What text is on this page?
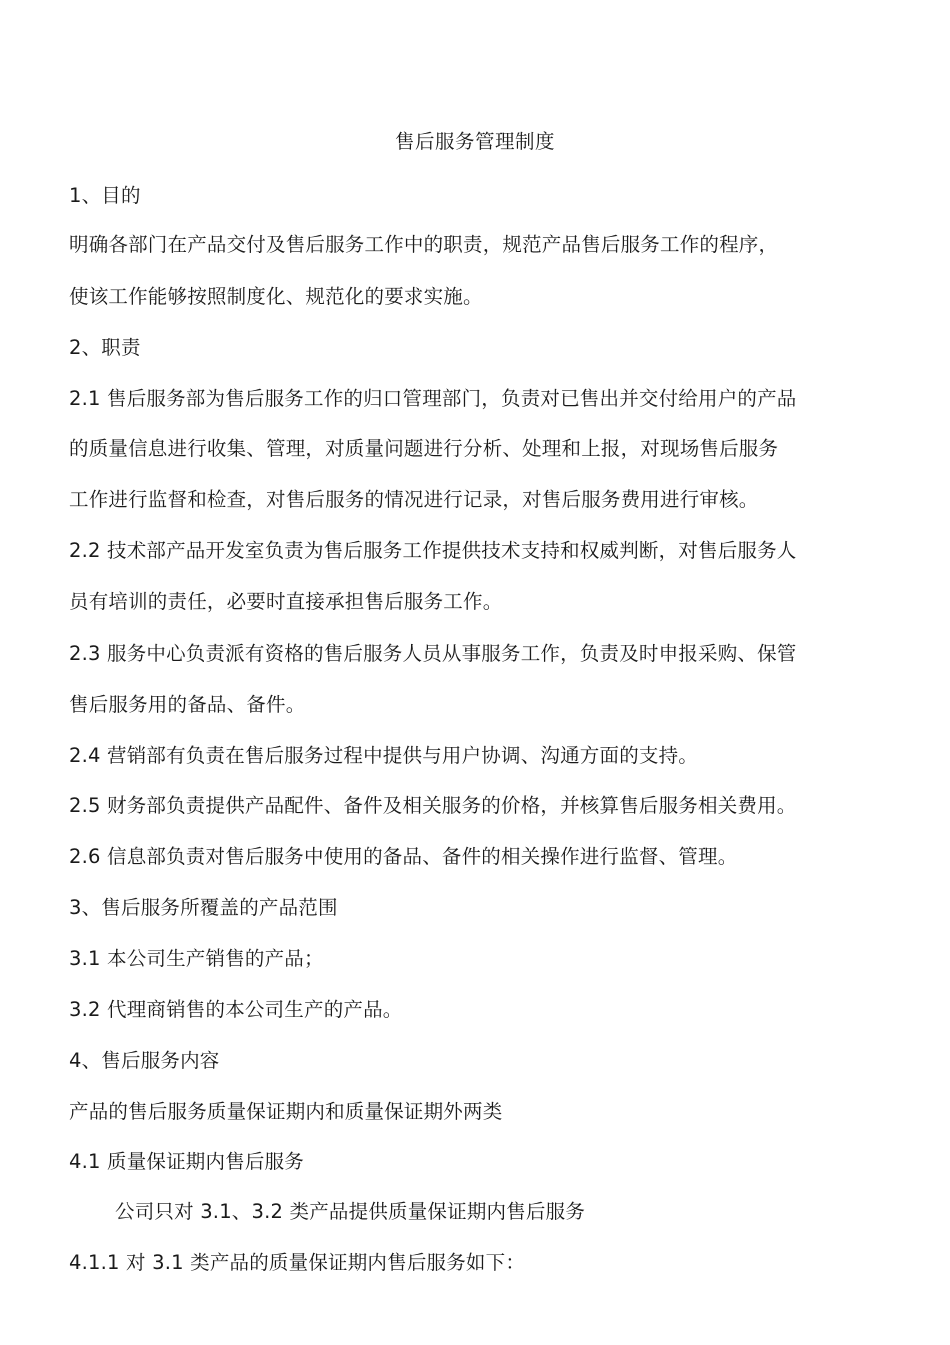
售后服务管理制度
1、目的
明确各部门在产品交付及售后服务工作中的职责，规范产品售后服务工作的程序，
使该工作能够按照制度化、规范化的要求实施。
2、职责
2.1 售后服务部为售后服务工作的归口管理部门，负责对已售出并交付给用户的产品
的质量信息进行收集、管理，对质量问题进行分析、处理和上报，对现场售后服务
工作进行监督和检查，对售后服务的情况进行记录，对售后服务费用进行审核。
2.2 技术部产品开发室负责为售后服务工作提供技术支持和权威判断，对售后服务人
员有培训的责任，必要时直接承担售后服务工作。
2.3 服务中心负责派有资格的售后服务人员从事服务工作，负责及时申报采购、保管
售后服务用的备品、备件。
2.4 营销部有负责在售后服务过程中提供与用户协调、沟通方面的支持。
2.5 财务部负责提供产品配件、备件及相关服务的价格，并核算售后服务相关费用。
2.6 信息部负责对售后服务中使用的备品、备件的相关操作进行监督、管理。
3、售后服务所覆盖的产品范围
3.1 本公司生产销售的产品；
3.2 代理商销售的本公司生产的产品。
4、售后服务内容
产品的售后服务质量保证期内和质量保证期外两类
4.1 质量保证期内售后服务
公司只对 3.1、3.2 类产品提供质量保证期内售后服务
4.1.1 对 3.1 类产品的质量保证期内售后服务如下：
